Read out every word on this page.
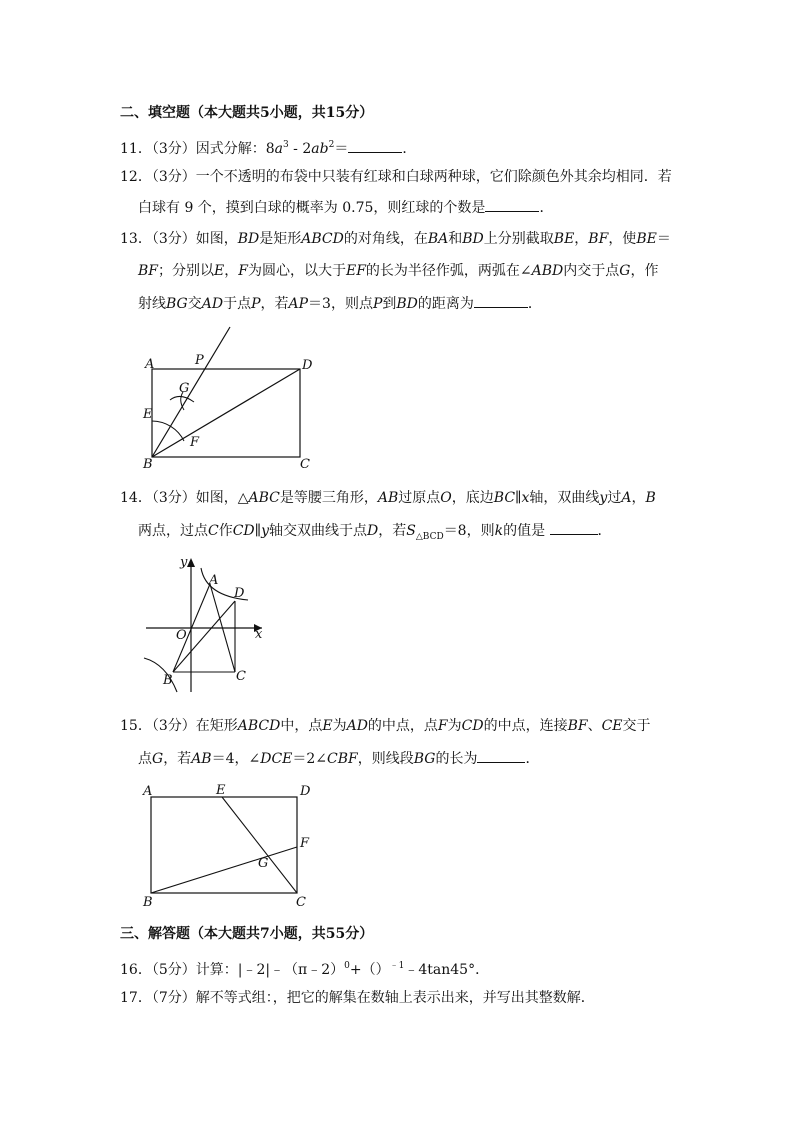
二、填空题（本大题共5小题，共15分）
11．（3分）因式分解：$8a^3 - 2ab^2=$	．
12．（3分）一个不透明的布袋中只装有红球和白球两种球，它们除颜色外其余均相同．若
白球有 9 个，摸到白球的概率为 0.75，则红球的个数是	．
13．（3分）如图，BD是矩形ABCD的对角线，在BA和BD上分别截取BE，BF，使BE＝
BF；分别以E，F为圆心，以大于EF的长为半径作弧，两弧在∠ABD内交于点G，作
射线BG交AD于点P，若AP＝3，则点P到BD的距离为	．
A	P	D
G
E
F
B	C
14．（3分）如图，△ABC是等腰三角形，AB过原点O，底边BC∥x轴，双曲线y过A，B
两点，过点C作CD∥y轴交双曲线于点D，若$S_{\triangle BCD}=8$，则k的值是	．
y
A
D
O	x
B	C
15．（3分）在矩形ABCD中，点E为AD的中点，点F为CD的中点，连接BF、CE交于
点G，若AB＝4，∠DCE＝2∠CBF，则线段BG的长为	．
A	E	D
F
G
B	C
三、解答题（本大题共7小题，共55分）
16．（5分）计算：|﹣2|﹣（π﹣2）$^0$+（）$^{﹣1}$﹣4tan45°．
17．（7分）解不等式组：，把它的解集在数轴上表示出来，并写出其整数解．
